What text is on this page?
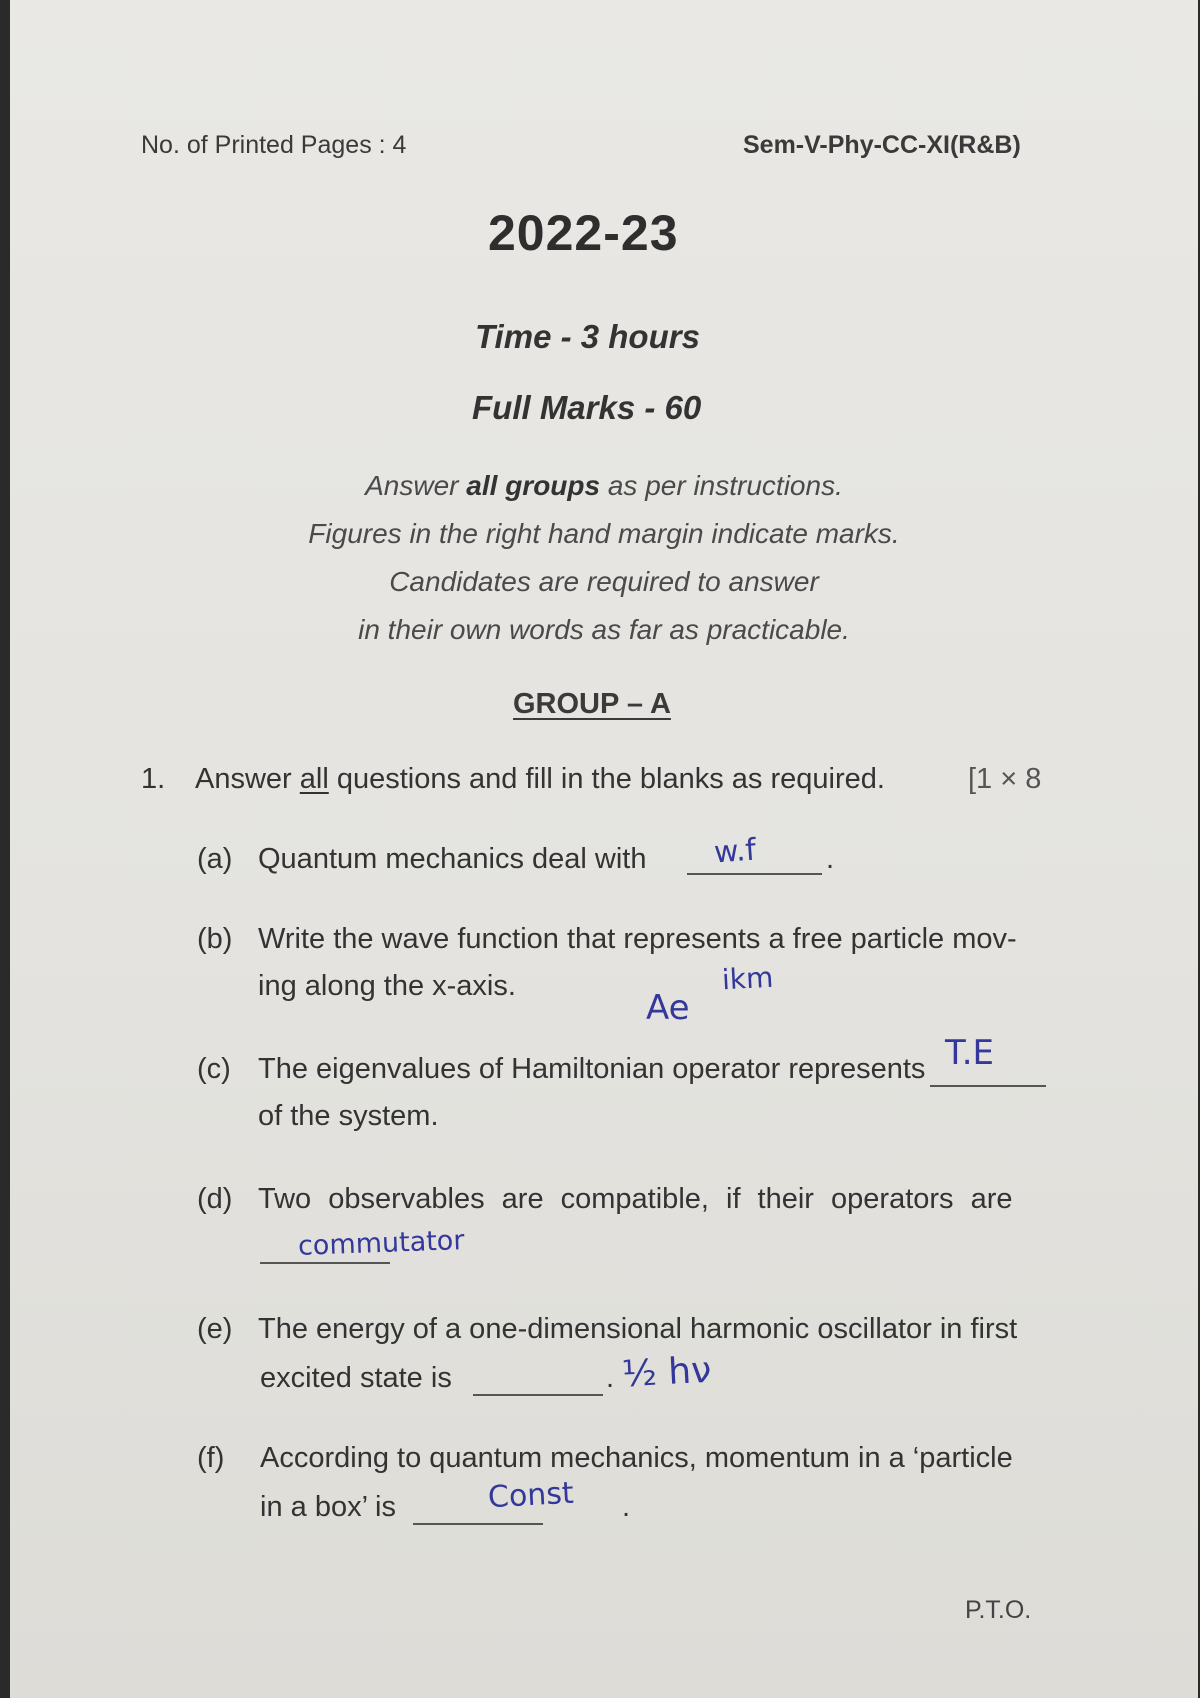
No. of Printed Pages : 4	Sem-V-Phy-CC-XI(R&B)
2022-23
Time - 3 hours
Full Marks - 60
Answer all groups as per instructions.
Figures in the right hand margin indicate marks.
Candidates are required to answer
in their own words as far as practicable.
GROUP – A
1. Answer all questions and fill in the blanks as required.	[1 × 8
(a) Quantum mechanics deal with	.
w.f
(b) Write the wave function that represents a free particle mov-
ing along the x-axis.
Ae
ikm
(c) The eigenvalues of Hamiltonian operator represents T.E
of the system.
(d) Two observables are compatible, if their operators are
commutator
(e) The energy of a one-dimensional harmonic oscillator in first
excited state is	. ½ hν
(f) According to quantum mechanics, momentum in a ‘particle
in a box’ is	Const .
P.T.O.
